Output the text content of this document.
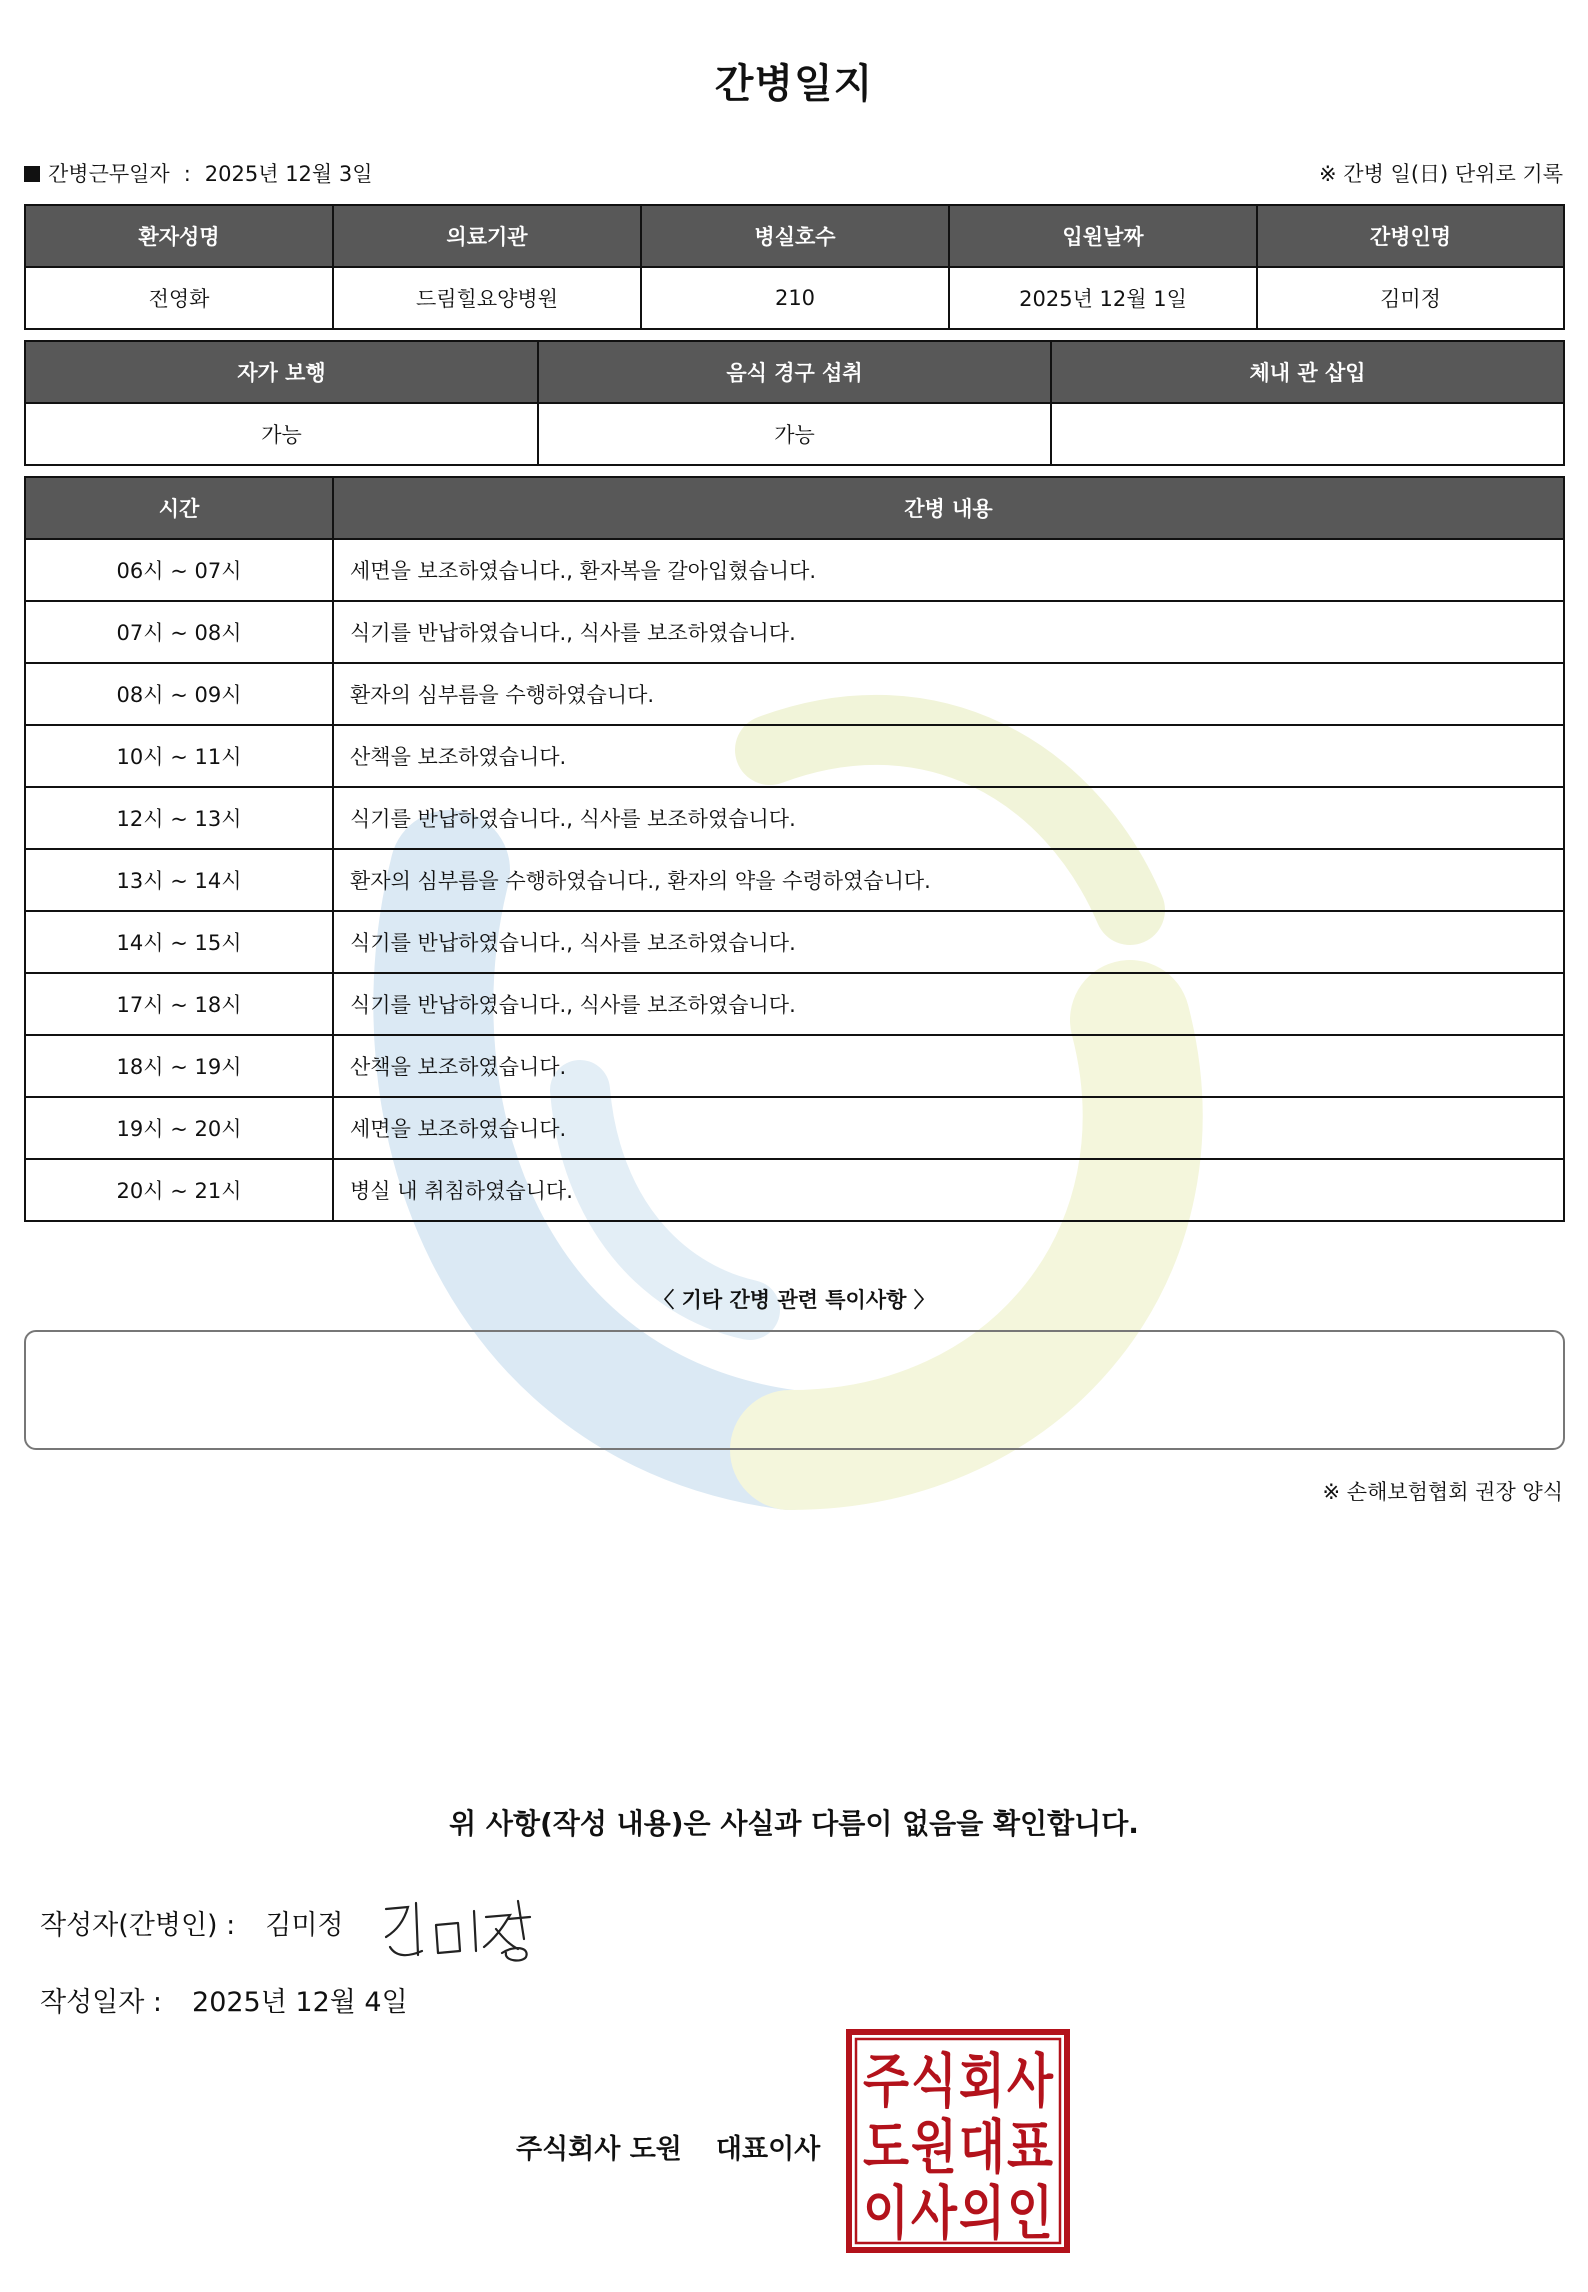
간병일지
간병근무일자 : 2025년 12월 3일	※ 간병 일(日) 단위로 기록
환자성명	의료기관	병실호수	입원날짜	간병인명
전영화	드림힐요양병원	210	2025년 12월 1일	김미정
자가 보행	음식 경구 섭취	체내 관 삽입
가능	가능	
시간	간병 내용
06시 ~ 07시	세면을 보조하였습니다., 환자복을 갈아입혔습니다.
07시 ~ 08시	식기를 반납하였습니다., 식사를 보조하였습니다.
08시 ~ 09시	환자의 심부름을 수행하였습니다.
10시 ~ 11시	산책을 보조하였습니다.
12시 ~ 13시	식기를 반납하였습니다., 식사를 보조하였습니다.
13시 ~ 14시	환자의 심부름을 수행하였습니다., 환자의 약을 수령하였습니다.
14시 ~ 15시	식기를 반납하였습니다., 식사를 보조하였습니다.
17시 ~ 18시	식기를 반납하였습니다., 식사를 보조하였습니다.
18시 ~ 19시	산책을 보조하였습니다.
19시 ~ 20시	세면을 보조하였습니다.
20시 ~ 21시	병실 내 취침하였습니다.
〈 기타 간병 관련 특이사항 〉
※ 손해보험협회 권장 양식
위 사항(작성 내용)은 사실과 다름이 없음을 확인합니다.
작성자(간병인) : 김미정
작성일자 : 2025년 12월 4일
주식회사 도원 대표이사
주 식 회 사
도 원 대 표
이 사 의 인
